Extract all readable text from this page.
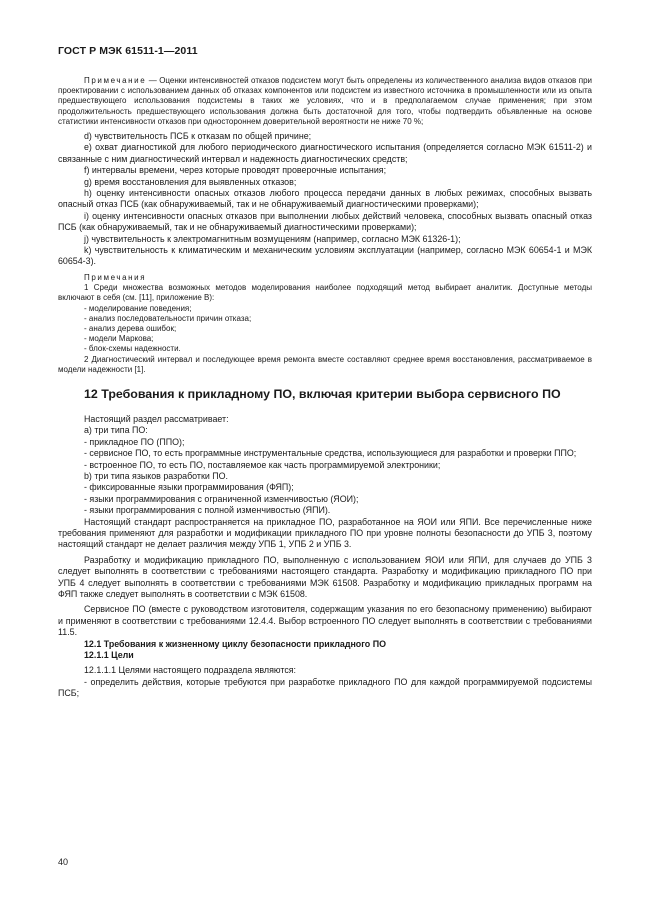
ГОСТ Р МЭК 61511-1—2011

Примечание — Оценки интенсивностей отказов подсистем могут быть определены из количественного анализа видов отказов при проектировании с использованием данных об отказах компонентов или подсистем из известного источника в промышленности или из опыта предшествующего использования подсистемы в таких же условиях, что и в предполагаемом случае применения; при этом продолжительность предшествующего использования должна быть достаточной для того, чтобы подтвердить объявленные на основе статистики интенсивности отказов при одностороннем доверительной вероятности не ниже 70 %;

d) чувствительность ПСБ к отказам по общей причине;

e) охват диагностикой для любого периодического диагностического испытания (определяется согласно МЭК 61511-2) и связанные с ним диагностический интервал и надежность диагностических средств;

f) интервалы времени, через которые проводят проверочные испытания;

g) время восстановления для выявленных отказов;

h) оценку интенсивности опасных отказов любого процесса передачи данных в любых режимах, способных вызвать опасный отказ ПСБ (как обнаруживаемый, так и не обнаруживаемый диагностическими проверками);

i) оценку интенсивности опасных отказов при выполнении любых действий человека, способных вызвать опасный отказ ПСБ (как обнаруживаемый, так и не обнаруживаемый диагностическими проверками);

j) чувствительность к электромагнитным возмущениям (например, согласно МЭК 61326-1);

k) чувствительность к климатическим и механическим условиям эксплуатации (например, согласно МЭК 60654-1 и МЭК 60654-3).

Примечания

1 Среди множества возможных методов моделирования наиболее подходящий метод выбирает аналитик. Доступные методы включают в себя (см. [11], приложение В):

- моделирование поведения;

- анализ последовательности причин отказа;

- анализ дерева ошибок;

- модели Маркова;

- блок-схемы надежности.

2 Диагностический интервал и последующее время ремонта вместе составляют среднее время восстановления, рассматриваемое в модели надежности [1].

12 Требования к прикладному ПО, включая критерии выбора сервисного ПО

Настоящий раздел рассматривает:

а) три типа ПО:

- прикладное ПО (ППО);

- сервисное ПО, то есть программные инструментальные средства, использующиеся для разработки и проверки ППО;

- встроенное ПО, то есть ПО, поставляемое как часть программируемой электроники;

b) три типа языков разработки ПО.

- фиксированные языки программирования (ФЯП);

- языки программирования с ограниченной изменчивостью (ЯОИ);

- языки программирования с полной изменчивостью (ЯПИ).

Настоящий стандарт распространяется на прикладное ПО, разработанное на ЯОИ или ЯПИ. Все перечисленные ниже требования применяют для разработки и модификации прикладного ПО при уровне полноты безопасности до УПБ 3, поэтому настоящий стандарт не делает различия между УПБ 1, УПБ 2 и УПБ 3.

Разработку и модификацию прикладного ПО, выполненную с использованием ЯОИ или ЯПИ, для случаев до УПБ 3 следует выполнять в соответствии с требованиями настоящего стандарта. Разработку и модификацию прикладного ПО при УПБ 4 следует выполнять в соответствии с требованиями МЭК 61508. Разработку и модификацию прикладных программ на ФЯП также следует выполнять в соответствии с МЭК 61508.

Сервисное ПО (вместе с руководством изготовителя, содержащим указания по его безопасному применению) выбирают и применяют в соответствии с требованиями 12.4.4. Выбор встроенного ПО следует выполнять в соответствии с требованиями 11.5.

12.1 Требования к жизненному циклу безопасности прикладного ПО

12.1.1 Цели

12.1.1.1 Целями настоящего подраздела являются:

- определить действия, которые требуются при разработке прикладного ПО для каждой программируемой подсистемы ПСБ;

40
